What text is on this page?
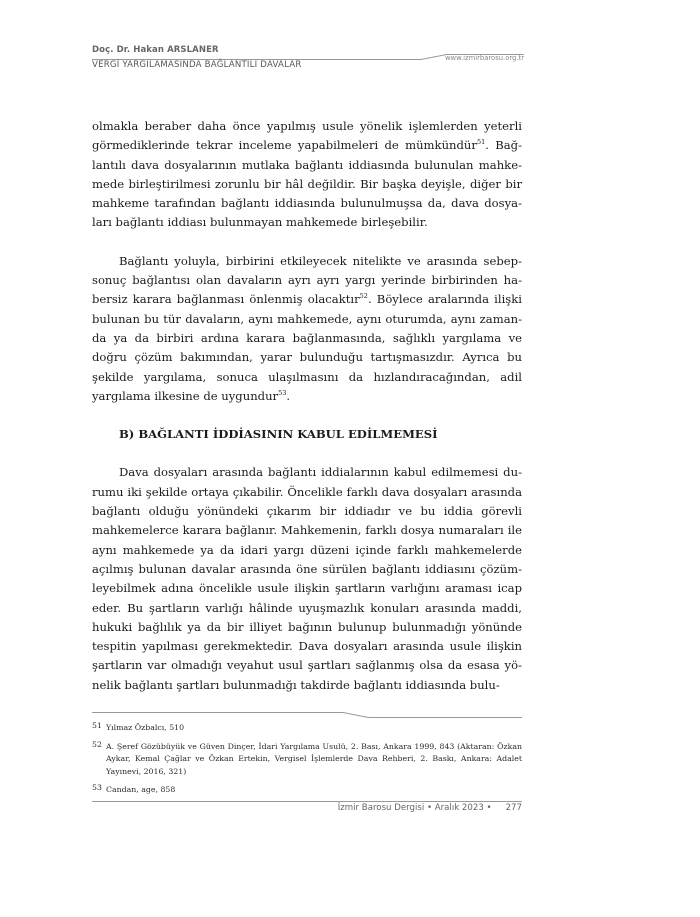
Doç. Dr. Hakan ARSLANER
VERGİ YARGILAMASINDA BAĞLANTILI DAVALAR
www.izmirbarosu.org.tr

olmakla beraber daha önce yapılmış usule yönelik işlemlerden yeterli görmediklerinde tekrar inceleme yapabilmeleri de mümkündür$^{51}$. Bağlantılı dava dosyalarının mutlaka bağlantı iddiasında bulunulan mahkemede birleştirilmesi zorunlu bir hâl değildir. Bir başka deyişle, diğer bir mahkeme tarafından bağlantı iddiasında bulunulmuşsa da, dava dosyaları bağlantı iddiası bulunmayan mahkemede birleşebilir.

Bağlantı yoluyla, birbirini etkileyecek nitelikte ve arasında sebepsonuç bağlantısı olan davaların ayrı ayrı yargı yerinde birbirinden habersiz karara bağlanması önlenmiş olacaktır$^{52}$. Böylece aralarında ilişki bulunan bu tür davaların, aynı mahkemede, aynı oturumda, aynı zamanda ya da birbiri ardına karara bağlanmasında, sağlıklı yargılama ve doğru çözüm bakımından, yarar bulunduğu tartışmasızdır. Ayrıca bu şekilde yargılama, sonuca ulaşılmasını da hızlandıracağından, adil yargılama ilkesine de uygundur$^{53}$.

B) BAĞLANTI İDDİASININ KABUL EDİLMEMESİ

Dava dosyaları arasında bağlantı iddialarının kabul edilmemesi durumu iki şekilde ortaya çıkabilir. Öncelikle farklı dava dosyaları arasında bağlantı olduğu yönündeki çıkarım bir iddiadır ve bu iddia görevli mahkemelerce karara bağlanır. Mahkemenin, farklı dosya numaraları ile aynı mahkemede ya da idari yargı düzeni içinde farklı mahkemelerde açılmış bulunan davalar arasında öne sürülen bağlantı iddiasını çözümleyebilmek adına öncelikle usule ilişkin şartların varlığını araması icap eder. Bu şartların varlığı hâlinde uyuşmazlık konuları arasında maddi, hukuki bağlılık ya da bir illiyet bağının bulunup bulunmadığı yönünde tespitin yapılması gerekmektedir. Dava dosyaları arasında usule ilişkin şartların var olmadığı veyahut usul şartları sağlanmış olsa da esasa yönelik bağlantı şartları bulunmadığı takdirde bağlantı iddiasında bulu-

51 Yılmaz Özbalcı, 510
52 A. Şeref Gözübüyük ve Güven Dinçer, İdari Yargılama Usulü, 2. Bası, Ankara 1999, 843 (Aktaran: Özkan Aykar, Kemal Çağlar ve Özkan Ertekin, Vergisel İşlemlerde Dava Rehberi, 2. Baskı, Ankara: Adalet Yayınevi, 2016, 321)
53 Candan, age, 858
İzmir Barosu Dergisi • Aralık 2023 • 277
